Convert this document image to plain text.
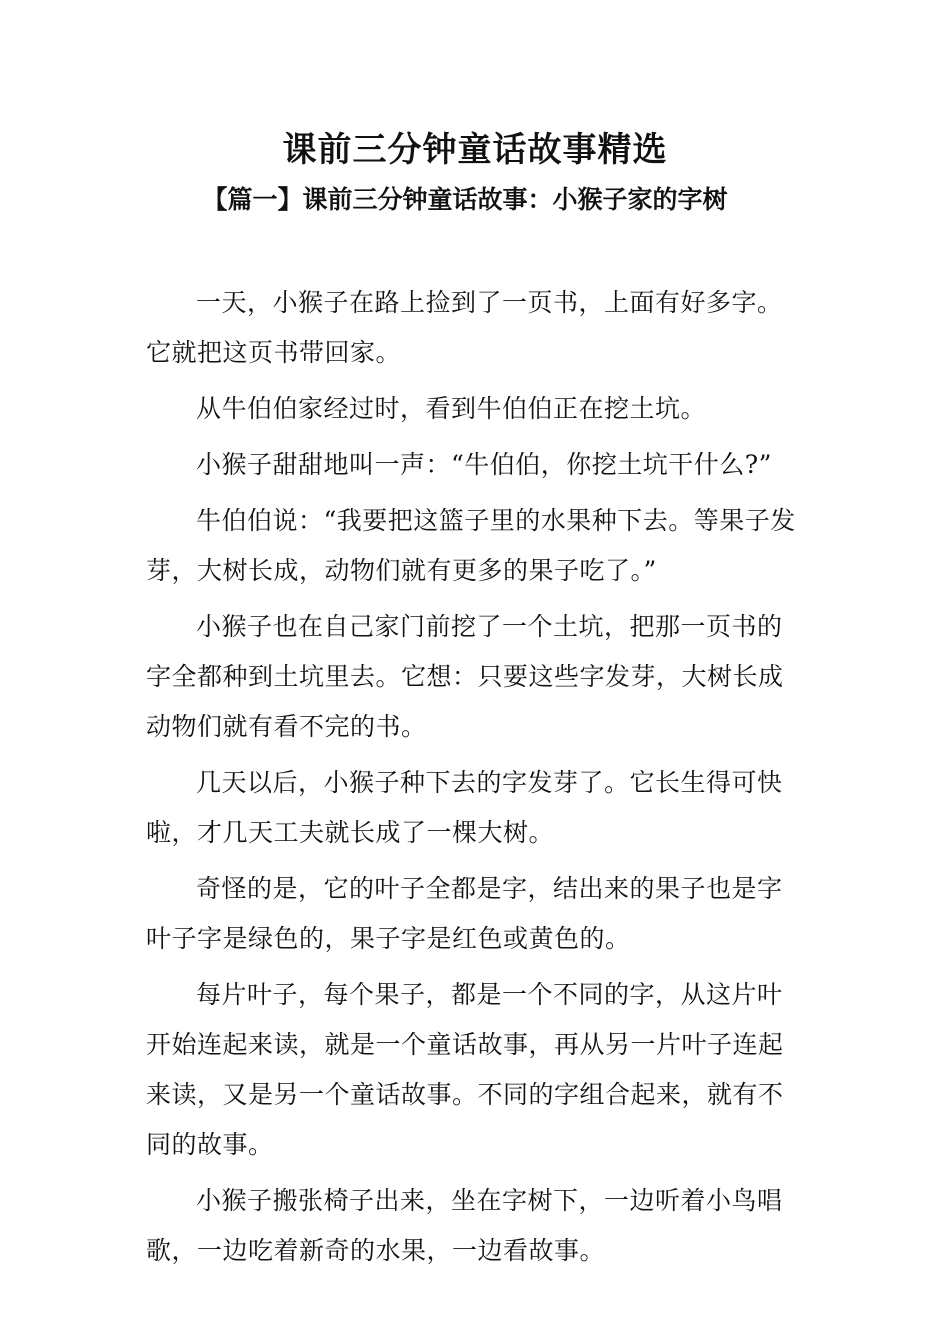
课前三分钟童话故事精选
【篇一】课前三分钟童话故事：小猴子家的字树

一天，小猴子在路上捡到了一页书，上面有好多字。它就把这页书带回家。

从牛伯伯家经过时，看到牛伯伯正在挖土坑。

小猴子甜甜地叫一声：“牛伯伯，你挖土坑干什么?”

牛伯伯说：“我要把这篮子里的水果种下去。等果子发芽，大树长成，动物们就有更多的果子吃了。”

小猴子也在自己家门前挖了一个土坑，把那一页书的字全都种到土坑里去。它想：只要这些字发芽，大树长成动物们就有看不完的书。

几天以后，小猴子种下去的字发芽了。它长生得可快啦，才几天工夫就长成了一棵大树。

奇怪的是，它的叶子全都是字，结出来的果子也是字叶子字是绿色的，果子字是红色或黄色的。

每片叶子，每个果子，都是一个不同的字，从这片叶开始连起来读，就是一个童话故事，再从另一片叶子连起来读，又是另一个童话故事。不同的字组合起来，就有不同的故事。

小猴子搬张椅子出来，坐在字树下，一边听着小鸟唱歌，一边吃着新奇的水果，一边看故事。
